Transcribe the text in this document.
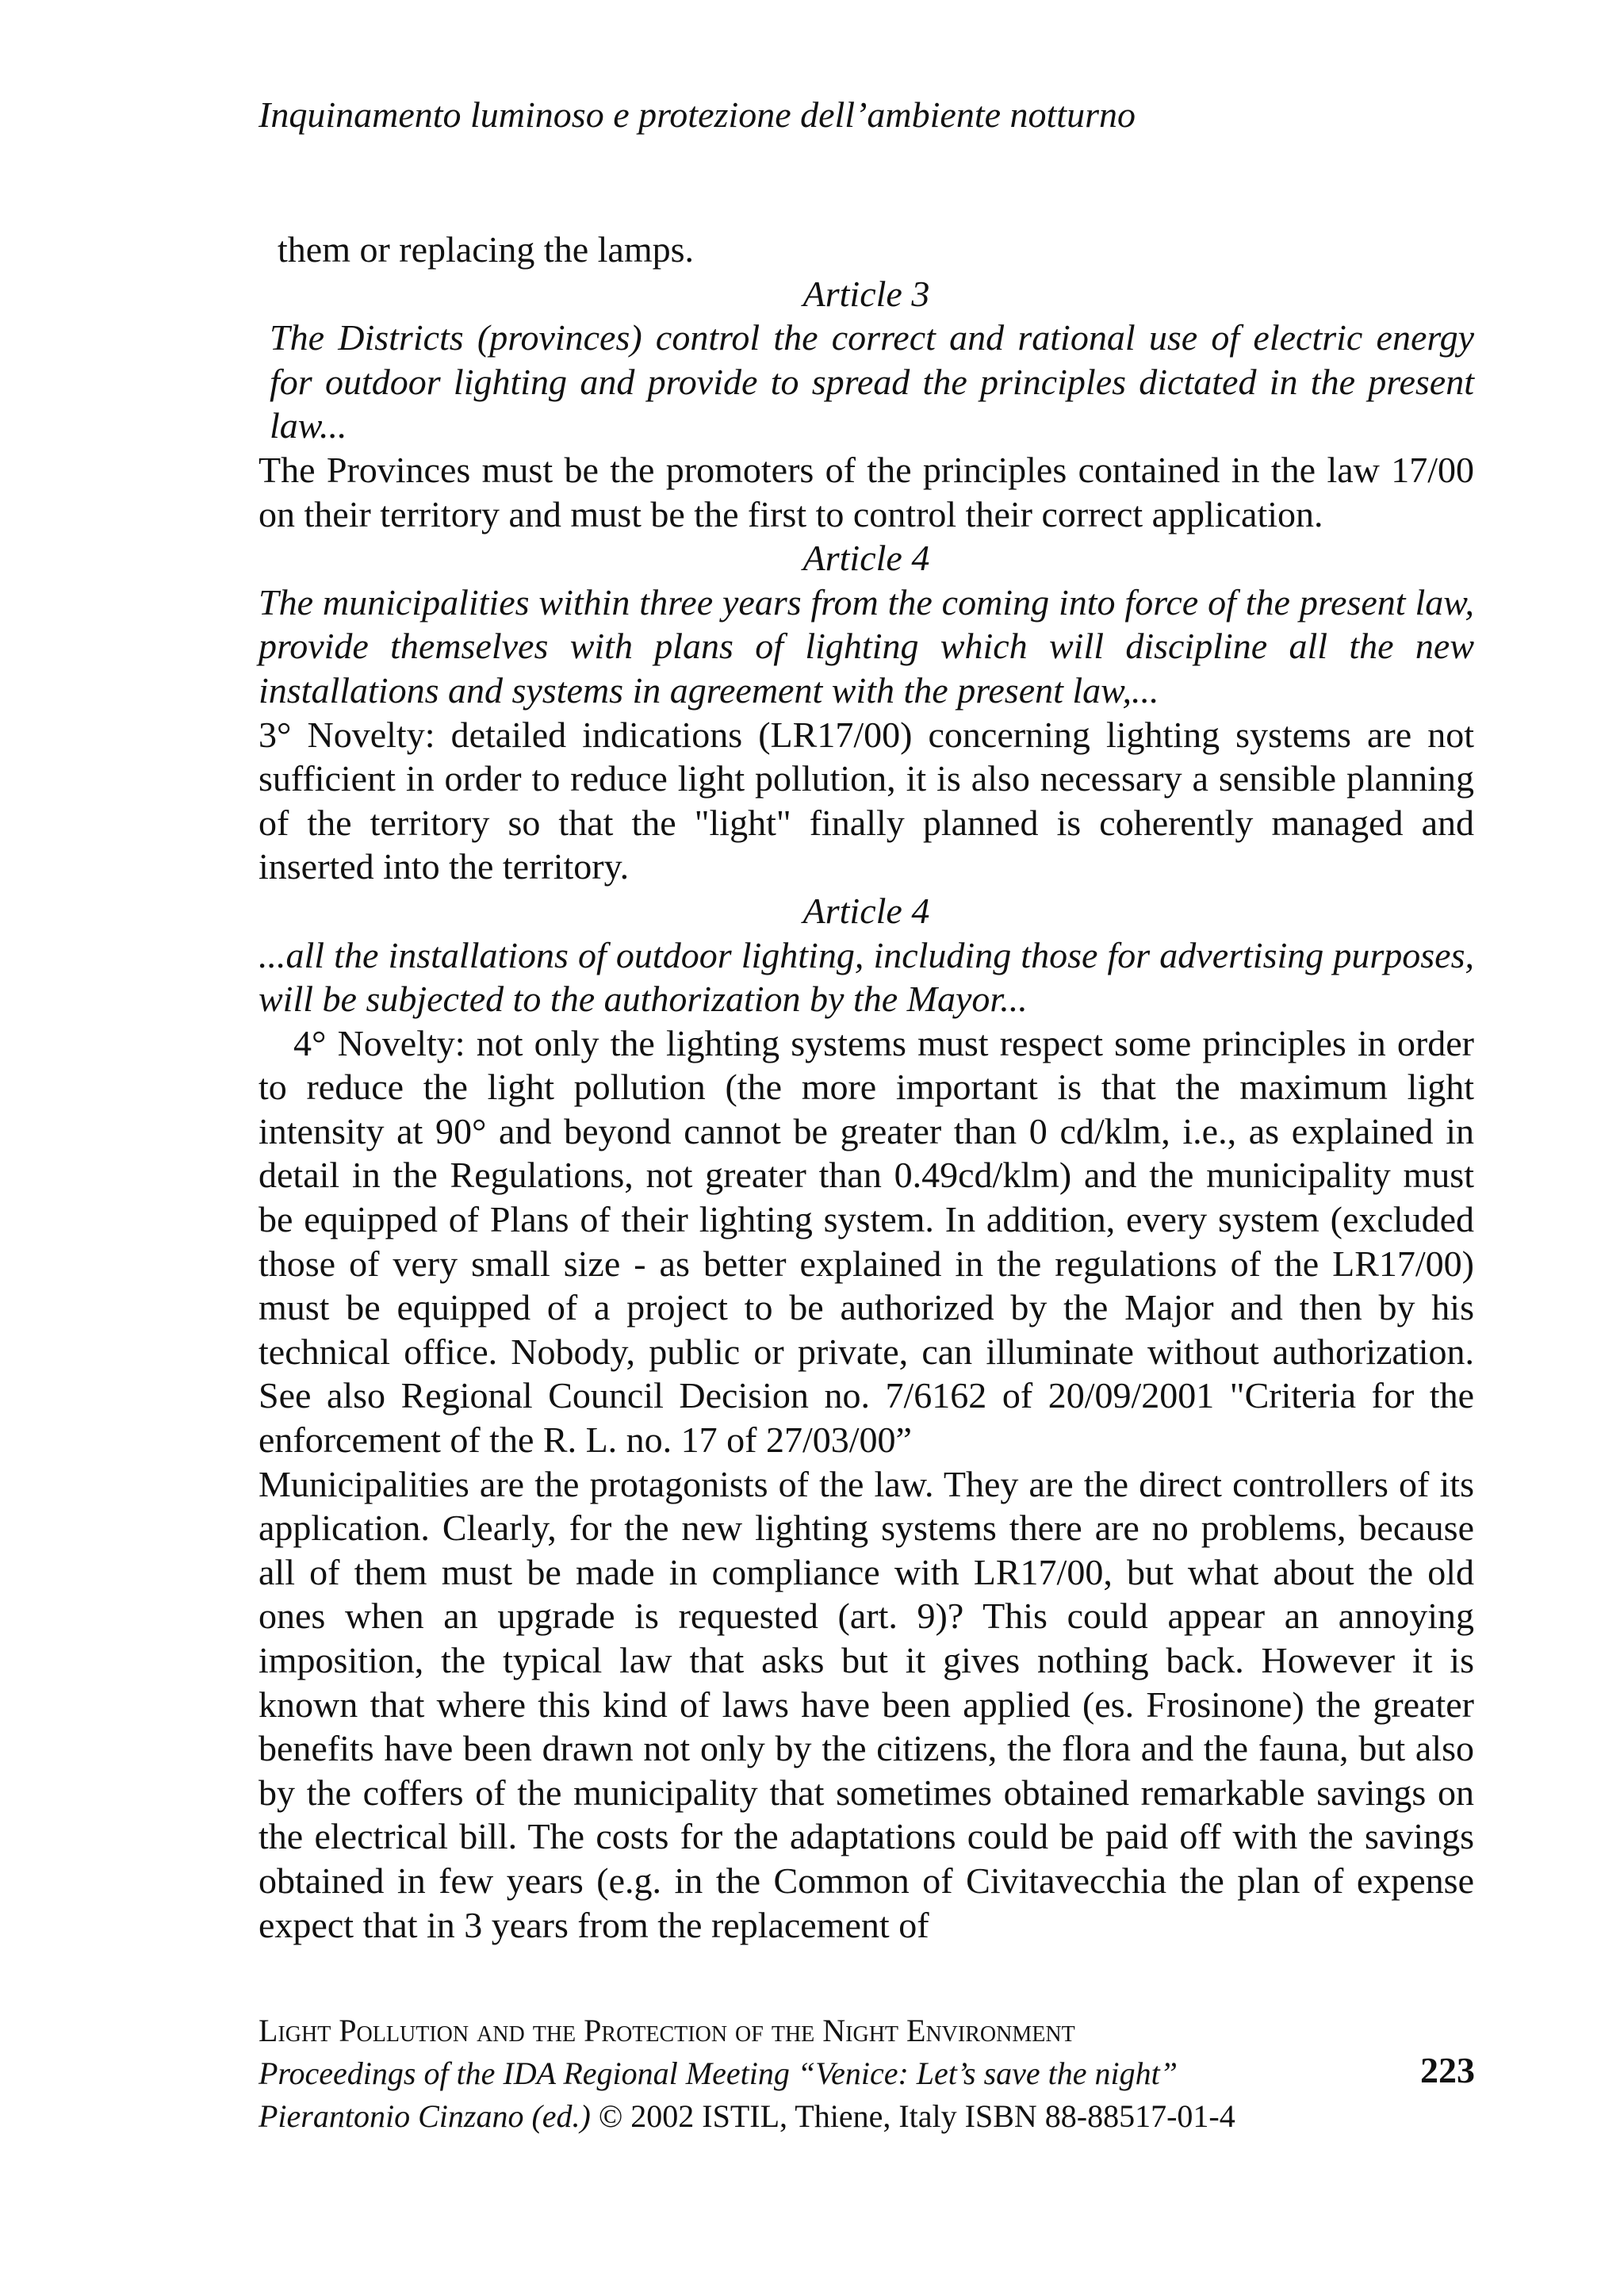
Inquinamento luminoso e protezione dell’ambiente notturno

them or replacing the lamps.

Article 3

The Districts (provinces) control the correct and rational use of electric energy for outdoor lighting and provide to spread the principles dictated in the present law...

The Provinces must be the promoters of the principles contained in the law 17/00 on their territory and must be the first to control their correct application.

Article 4

The municipalities within three years from the coming into force of the present law, provide themselves with plans of lighting which will discipline all the new installations and systems in agreement with the present law,...

3° Novelty: detailed indications (LR17/00) concerning lighting systems are not sufficient in order to reduce light pollution, it is also necessary a sensible planning of the territory so that the "light" finally planned is coherently managed and inserted into the territory.

Article 4

...all the installations of outdoor lighting, including those for advertising purposes, will be subjected to the authorization by the Mayor...

4° Novelty: not only the lighting systems must respect some principles in order to reduce the light pollution (the more important is that the maximum light intensity at 90° and beyond cannot be greater than 0 cd/klm, i.e., as explained in detail in the Regulations, not greater than 0.49cd/klm) and the municipality must be equipped of Plans of their lighting system. In addition, every system (excluded those of very small size - as better explained in the regulations of the LR17/00) must be equipped of a project to be authorized by the Major and then by his technical office. Nobody, public or private, can illuminate without authorization. See also Regional Council Decision no. 7/6162 of 20/09/2001 "Criteria for the enforcement of the R. L. no. 17 of 27/03/00”

Municipalities are the protagonists of the law. They are the direct controllers of its application. Clearly, for the new lighting systems there are no problems, because all of them must be made in compliance with LR17/00, but what about the old ones when an upgrade is requested (art. 9)? This could appear an annoying imposition, the typical law that asks but it gives nothing back. However it is known that where this kind of laws have been applied (es. Frosinone) the greater benefits have been drawn not only by the citizens, the flora and the fauna, but also by the coffers of the municipality that sometimes obtained remarkable savings on the electrical bill. The costs for the adaptations could be paid off with the savings obtained in few years (e.g. in the Common of Civitavecchia the plan of expense expect that in 3 years from the replacement of

Light Pollution and the Protection of the Night Environment
Proceedings of the IDA Regional Meeting “Venice: Let’s save the night”
Pierantonio Cinzano (ed.) © 2002 ISTIL, Thiene, Italy ISBN 88-88517-01-4
223
